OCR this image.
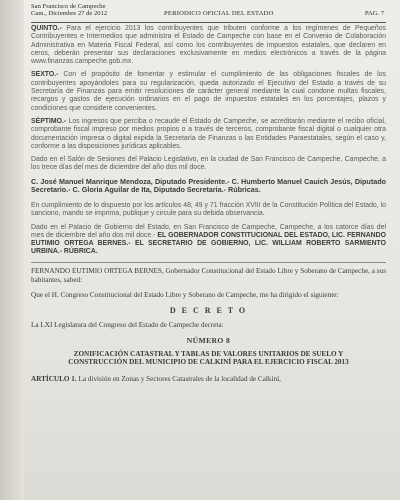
San Francisco de Campeche
Cam., Diciembre 27 de 2012	PERIODICO OFICIAL DEL ESTADO	PAG. 7

QUINTO.- Para el ejercicio 2013 los contribuyentes que tributen conforme a los regímenes de Pequeños Contribuyentes e Intermedios que administra el Estado de Campeche con base en el Convenio de Colaboración Administrativa en Materia Fiscal Federal, así como los contribuyentes de impuestos estatales, que declaren en ceros, deberán presentar sus declaraciones exclusivamente en medios electrónicos a través de la página www.finanzas.campeche.gob.mx.

SEXTO.- Con el propósito de fomentar y estimular el cumplimiento de las obligaciones fiscales de los contribuyentes apoyándoles para su regularización, queda autorizado el Ejecutivo del Estado a través de su Secretaría de Finanzas para emitir resoluciones de carácter general mediante la cual condone multas fiscales, recargos y gastos de ejecución ordinarios en el pago de impuestos estatales en los porcentajes, plazos y condiciones que considere convenientes.

SÉPTIMO.- Los ingresos que perciba o recaude el Estado de Campeche, se acreditarán mediante el recibo oficial, comprobante fiscal impreso por medios propios o a través de terceros, comprobante fiscal digital o cualquier otra documentación impresa o digital expida la Secretaría de Finanzas o las Entidades Paraestatales, según el caso y, conforme a las disposiciones jurídicas aplicables.

Dado en el Salón de Sesiones del Palacio Legislativo, en la ciudad de San Francisco de Campeche, Campeche, a los trece días del mes de diciembre del año dos mil doce.

C. José Manuel Manrique Mendoza, Diputado Presidente.- C. Humberto Manuel Cauich Jesús, Diputado Secretario.- C. Gloria Aguilar de Ita, Diputado Secretaria.- Rúbricas.

En cumplimiento de lo dispuesto por los artículos 48, 49 y 71 fracción XVIII de la Constitución Política del Estado, lo sanciono, mando se imprima, publique y circule para su debida observancia.

Dado en el Palacio de Gobierno del Estado, en San Francisco de Campeche, Campeche, a los catorce días del mes de diciembre del año dos mil doce.- EL GOBERNADOR CONSTITUCIONAL DEL ESTADO, LIC. FERNANDO EUTIMIO ORTEGA BERNES.- EL SECRETARIO DE GOBIERNO, LIC. WILLIAM ROBERTO SARMIENTO URBINA.- RÚBRICA.

FERNANDO EUTIMIO ORTEGA BERNES, Gobernador Constitucional del Estado Libre y Soberano de Campeche, a sus habitantes, sabed:

Que el H. Congreso Constitucional del Estado Libre y Soberano de Campeche, me ha dirigido el siguiente:

D E C R E T O

La LXI Legislatura del Congreso del Estado de Campeche decreta:

NÚMERO 8
ZONIFICACIÓN CATASTRAL Y TABLAS DE VALORES UNITARIOS DE SUELO Y CONSTRUCCIÓN DEL MUNICIPIO DE CALKINÍ PARA EL EJERCICIO FISCAL 2013

ARTÍCULO 1. La división en Zonas y Sectores Catastrales de la localidad de Calkiní,
